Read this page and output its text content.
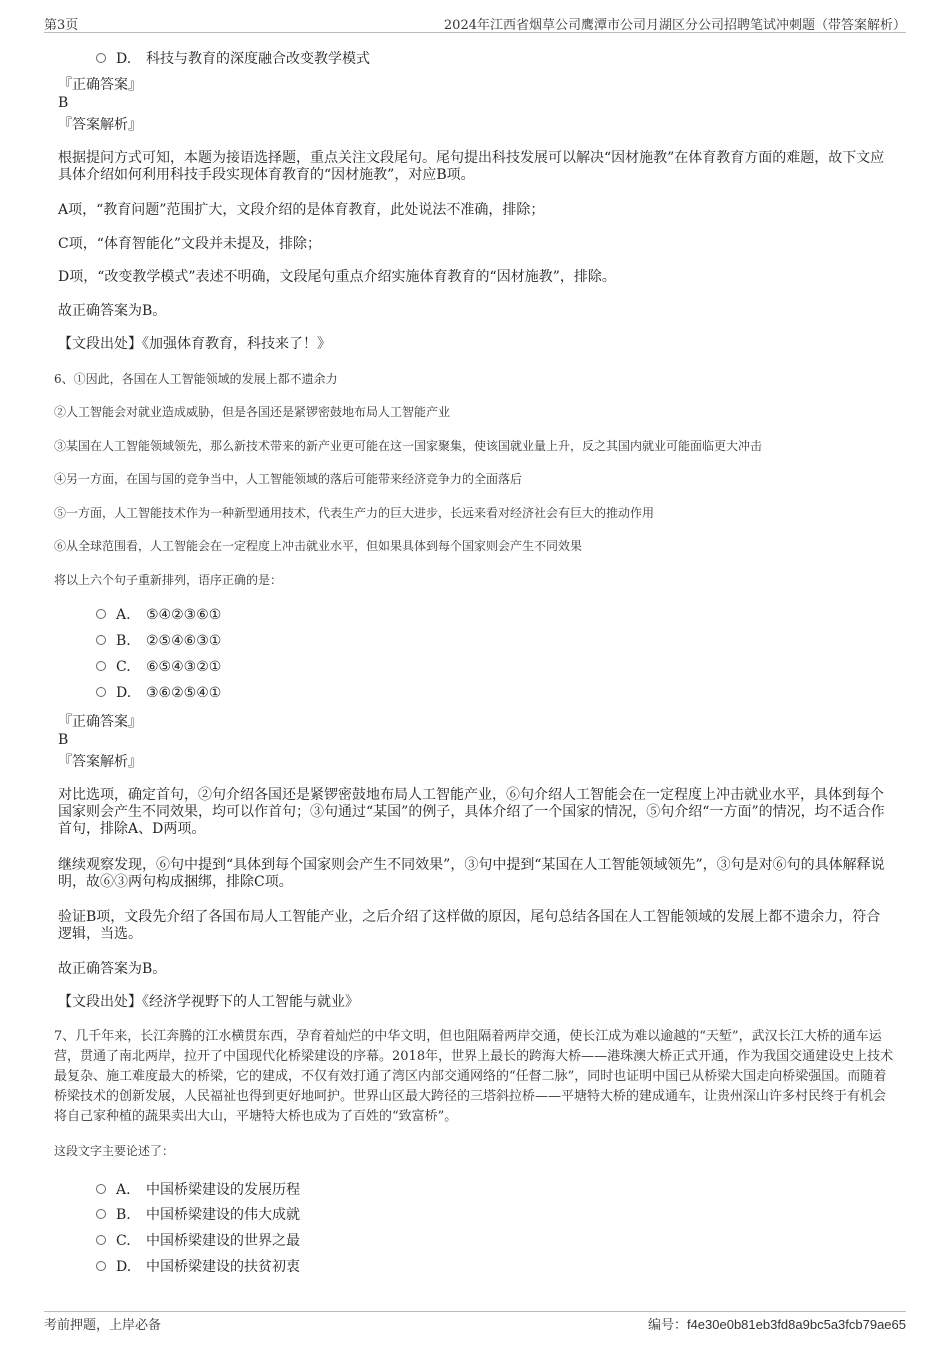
第3页	2024年江西省烟草公司鹰潭市公司月湖区分公司招聘笔试冲刺题（带答案解析）
D. 科技与教育的深度融合改变教学模式
『正确答案』
B
『答案解析』
根据提问方式可知，本题为接语选择题，重点关注文段尾句。尾句提出科技发展可以解决“因材施教”在体育教育方面的难题，故下文应具体介绍如何利用科技手段实现体育教育的“因材施教”，对应B项。
A项，“教育问题”范围扩大，文段介绍的是体育教育，此处说法不准确，排除；
C项，“体育智能化”文段并未提及，排除；
D项，“改变教学模式”表述不明确，文段尾句重点介绍实施体育教育的“因材施教”，排除。
故正确答案为B。
【文段出处】《加强体育教育，科技来了！》
6、①因此，各国在人工智能领域的发展上都不遗余力
②人工智能会对就业造成威胁，但是各国还是紧锣密鼓地布局人工智能产业
③某国在人工智能领域领先，那么新技术带来的新产业更可能在这一国家聚集，使该国就业量上升，反之其国内就业可能面临更大冲击
④另一方面，在国与国的竞争当中，人工智能领域的落后可能带来经济竞争力的全面落后
⑤一方面，人工智能技术作为一种新型通用技术，代表生产力的巨大进步，长远来看对经济社会有巨大的推动作用
⑥从全球范围看，人工智能会在一定程度上冲击就业水平，但如果具体到每个国家则会产生不同效果
将以上六个句子重新排列，语序正确的是：
A. ⑤④②③⑥①
B. ②⑤④⑥③①
C. ⑥⑤④③②①
D. ③⑥②⑤④①
『正确答案』
B
『答案解析』
对比选项，确定首句，②句介绍各国还是紧锣密鼓地布局人工智能产业，⑥句介绍人工智能会在一定程度上冲击就业水平，具体到每个国家则会产生不同效果，均可以作首句；③句通过“某国”的例子，具体介绍了一个国家的情况，⑤句介绍“一方面”的情况，均不适合作首句，排除A、D两项。
继续观察发现，⑥句中提到“具体到每个国家则会产生不同效果”，③句中提到“某国在人工智能领域领先”，③句是对⑥句的具体解释说明，故⑥③两句构成捆绑，排除C项。
验证B项，文段先介绍了各国布局人工智能产业，之后介绍了这样做的原因，尾句总结各国在人工智能领域的发展上都不遗余力，符合逻辑，当选。
故正确答案为B。
【文段出处】《经济学视野下的人工智能与就业》
7、几千年来，长江奔腾的江水横贯东西，孕育着灿烂的中华文明，但也阻隔着两岸交通，使长江成为难以逾越的“天堑”，武汉长江大桥的通车运营，贯通了南北两岸，拉开了中国现代化桥梁建设的序幕。2018年，世界上最长的跨海大桥——港珠澳大桥正式开通，作为我国交通建设史上技术最复杂、施工难度最大的桥梁，它的建成，不仅有效打通了湾区内部交通网络的“任督二脉”，同时也证明中国已从桥梁大国走向桥梁强国。而随着桥梁技术的创新发展，人民福祉也得到更好地呵护。世界山区最大跨径的三塔斜拉桥——平塘特大桥的建成通车，让贵州深山许多村民终于有机会将自己家种植的蔬果卖出大山，平塘特大桥也成为了百姓的“致富桥”。
这段文字主要论述了：
A. 中国桥梁建设的发展历程
B. 中国桥梁建设的伟大成就
C. 中国桥梁建设的世界之最
D. 中国桥梁建设的扶贫初衷
考前押题，上岸必备	编号：f4e30e0b81eb3fd8a9bc5a3fcb79ae65
